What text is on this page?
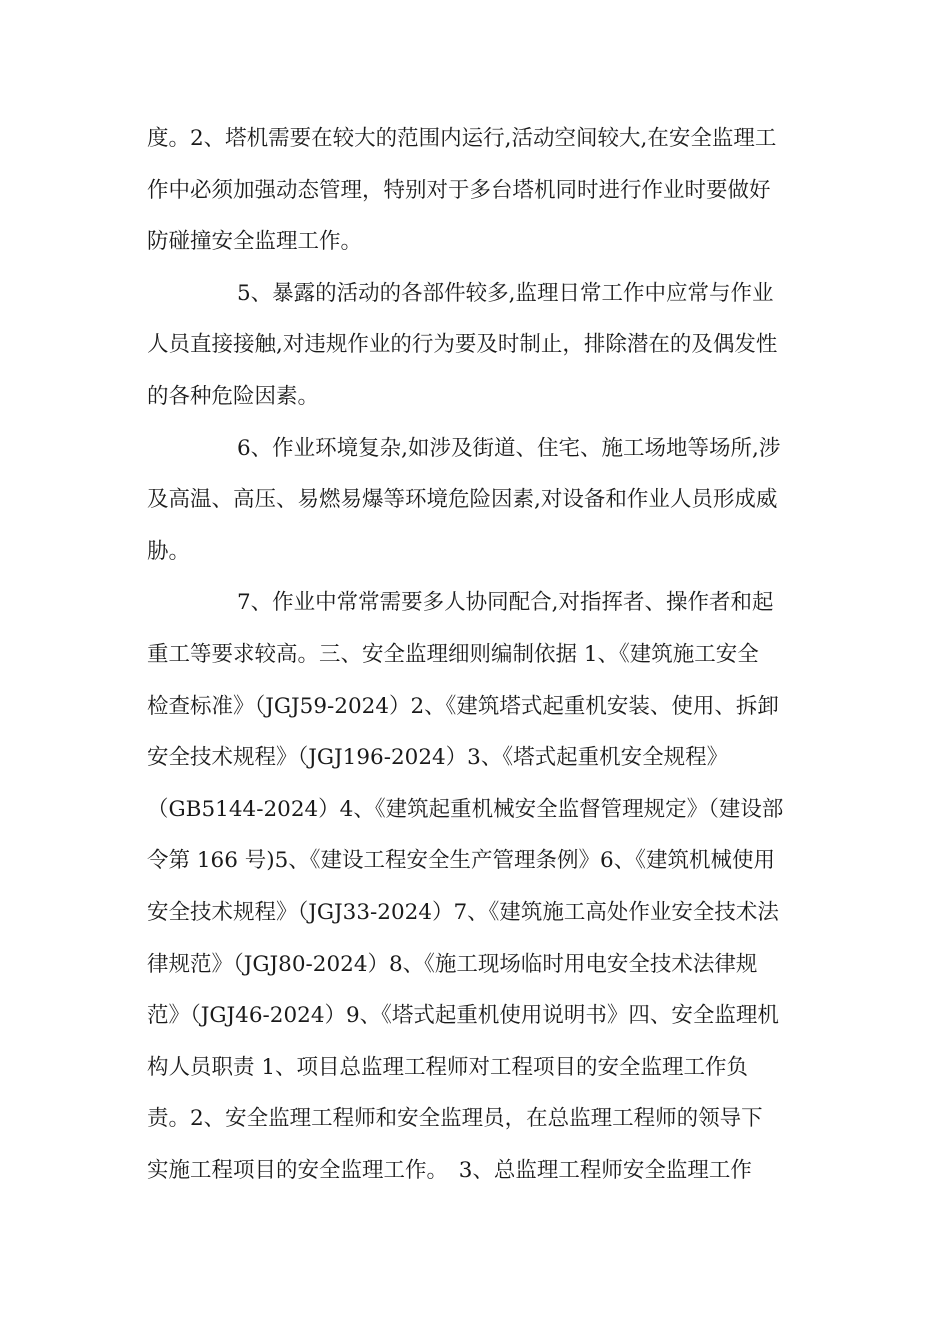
度。2、塔机需要在较大的范围内运行,活动空间较大,在安全监理工
作中必须加强动态管理，特别对于多台塔机同时进行作业时要做好
防碰撞安全监理工作。
5、暴露的活动的各部件较多,监理日常工作中应常与作业
人员直接接触,对违规作业的行为要及时制止，排除潜在的及偶发性
的各种危险因素。
6、作业环境复杂,如涉及街道、住宅、施工场地等场所,涉
及高温、高压、易燃易爆等环境危险因素,对设备和作业人员形成威
胁。
7、作业中常常需要多人协同配合,对指挥者、操作者和起
重工等要求较高。三、安全监理细则编制依据 1、《建筑施工安全
检查标准》（JGJ59-2024）2、《建筑塔式起重机安装、使用、拆卸
安全技术规程》（JGJ196-2024）3、《塔式起重机安全规程》
（GB5144-2024）4、《建筑起重机械安全监督管理规定》（建设部
令第 166 号)5、《建设工程安全生产管理条例》6、《建筑机械使用
安全技术规程》（JGJ33-2024）7、《建筑施工高处作业安全技术法
律规范》（JGJ80-2024）8、《施工现场临时用电安全技术法律规
范》（JGJ46-2024）9、《塔式起重机使用说明书》四、安全监理机
构人员职责 1、项目总监理工程师对工程项目的安全监理工作负
责。2、安全监理工程师和安全监理员，在总监理工程师的领导下
实施工程项目的安全监理工作。　3、总监理工程师安全监理工作
